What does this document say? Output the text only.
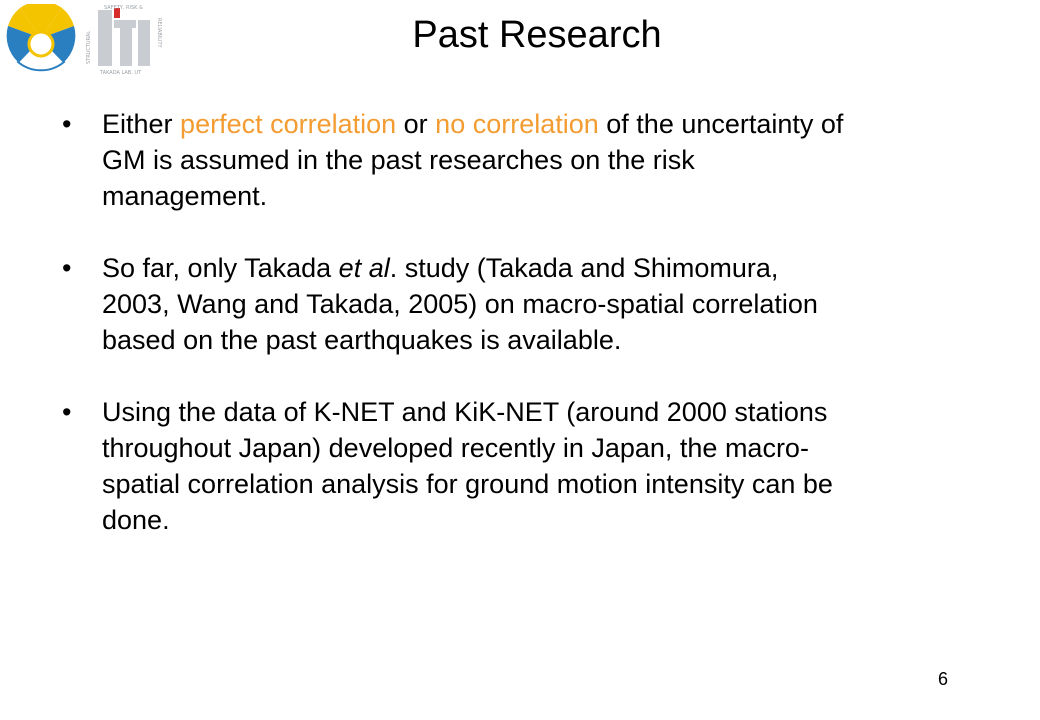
SAFETY, RISK &
STRUCTURAL	RELIABILITY
TAKADA LAB. UT
Past Research
• Either perfect correlation or no correlation of the uncertainty of GM is assumed in the past researches on the risk management.
• So far, only Takada et al. study (Takada and Shimomura, 2003, Wang and Takada, 2005) on macro-spatial correlation based on the past earthquakes is available.
• Using the data of K-NET and KiK-NET (around 2000 stations throughout Japan) developed recently in Japan, the macro-spatial correlation analysis for ground motion intensity can be done.
6
